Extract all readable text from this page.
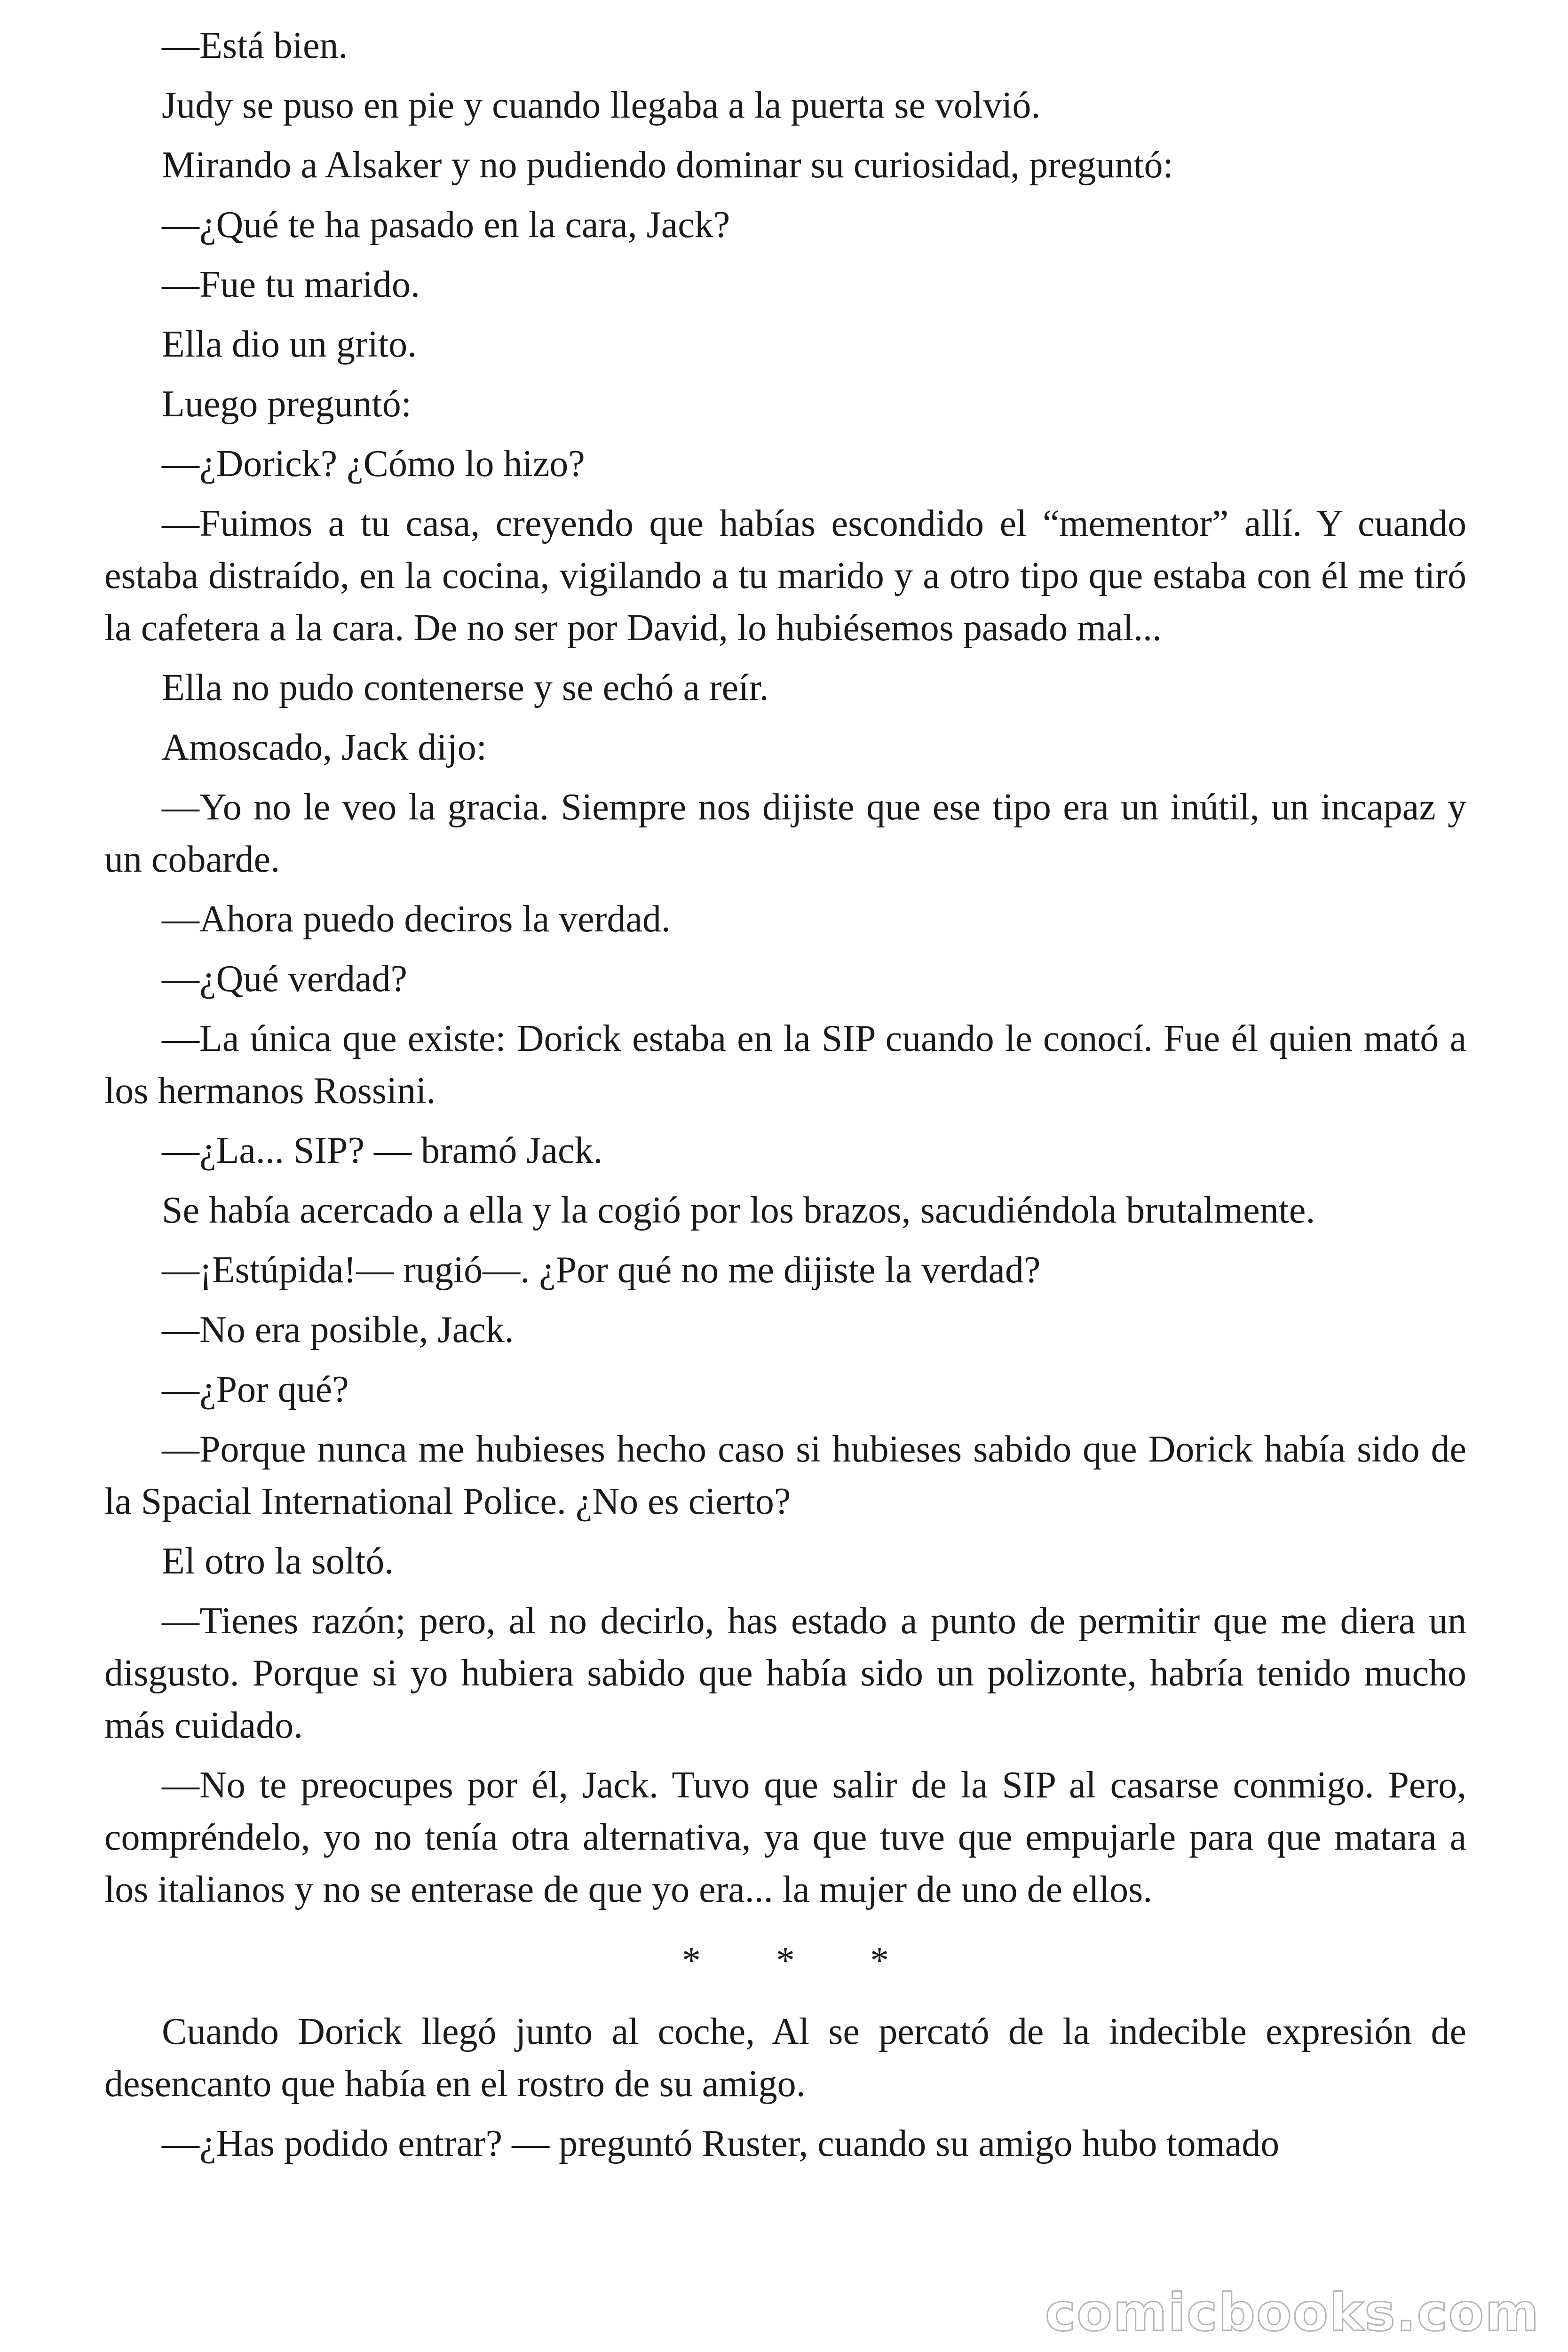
—Está bien.

Judy se puso en pie y cuando llegaba a la puerta se volvió.

Mirando a Alsaker y no pudiendo dominar su curiosidad, preguntó:

—¿Qué te ha pasado en la cara, Jack?

—Fue tu marido.

Ella dio un grito.

Luego preguntó:

—¿Dorick? ¿Cómo lo hizo?

—Fuimos a tu casa, creyendo que habías escondido el “mementor” allí. Y cuando estaba distraído, en la cocina, vigilando a tu marido y a otro tipo que estaba con él me tiró la cafetera a la cara. De no ser por David, lo hubiésemos pasado mal...

Ella no pudo contenerse y se echó a reír.

Amoscado, Jack dijo:

—Yo no le veo la gracia. Siempre nos dijiste que ese tipo era un inútil, un incapaz y un cobarde.

—Ahora puedo deciros la verdad.

—¿Qué verdad?

—La única que existe: Dorick estaba en la SIP cuando le conocí. Fue él quien mató a los hermanos Rossini.

—¿La... SIP? — bramó Jack.

Se había acercado a ella y la cogió por los brazos, sacudiéndola brutalmente.

—¡Estúpida!— rugió—. ¿Por qué no me dijiste la verdad?

—No era posible, Jack.

—¿Por qué?

—Porque nunca me hubieses hecho caso si hubieses sabido que Dorick había sido de la Spacial International Police. ¿No es cierto?

El otro la soltó.

—Tienes razón; pero, al no decirlo, has estado a punto de permitir que me diera un disgusto. Porque si yo hubiera sabido que había sido un polizonte, habría tenido mucho más cuidado.

—No te preocupes por él, Jack. Tuvo que salir de la SIP al casarse conmigo. Pero, compréndelo, yo no tenía otra alternativa, ya que tuve que empujarle para que matara a los italianos y no se enterase de que yo era... la mujer de uno de ellos.

* * *

Cuando Dorick llegó junto al coche, Al se percató de la indecible expresión de desencanto que había en el rostro de su amigo.

—¿Has podido entrar? — preguntó Ruster, cuando su amigo hubo tomado

comicbooks.com
